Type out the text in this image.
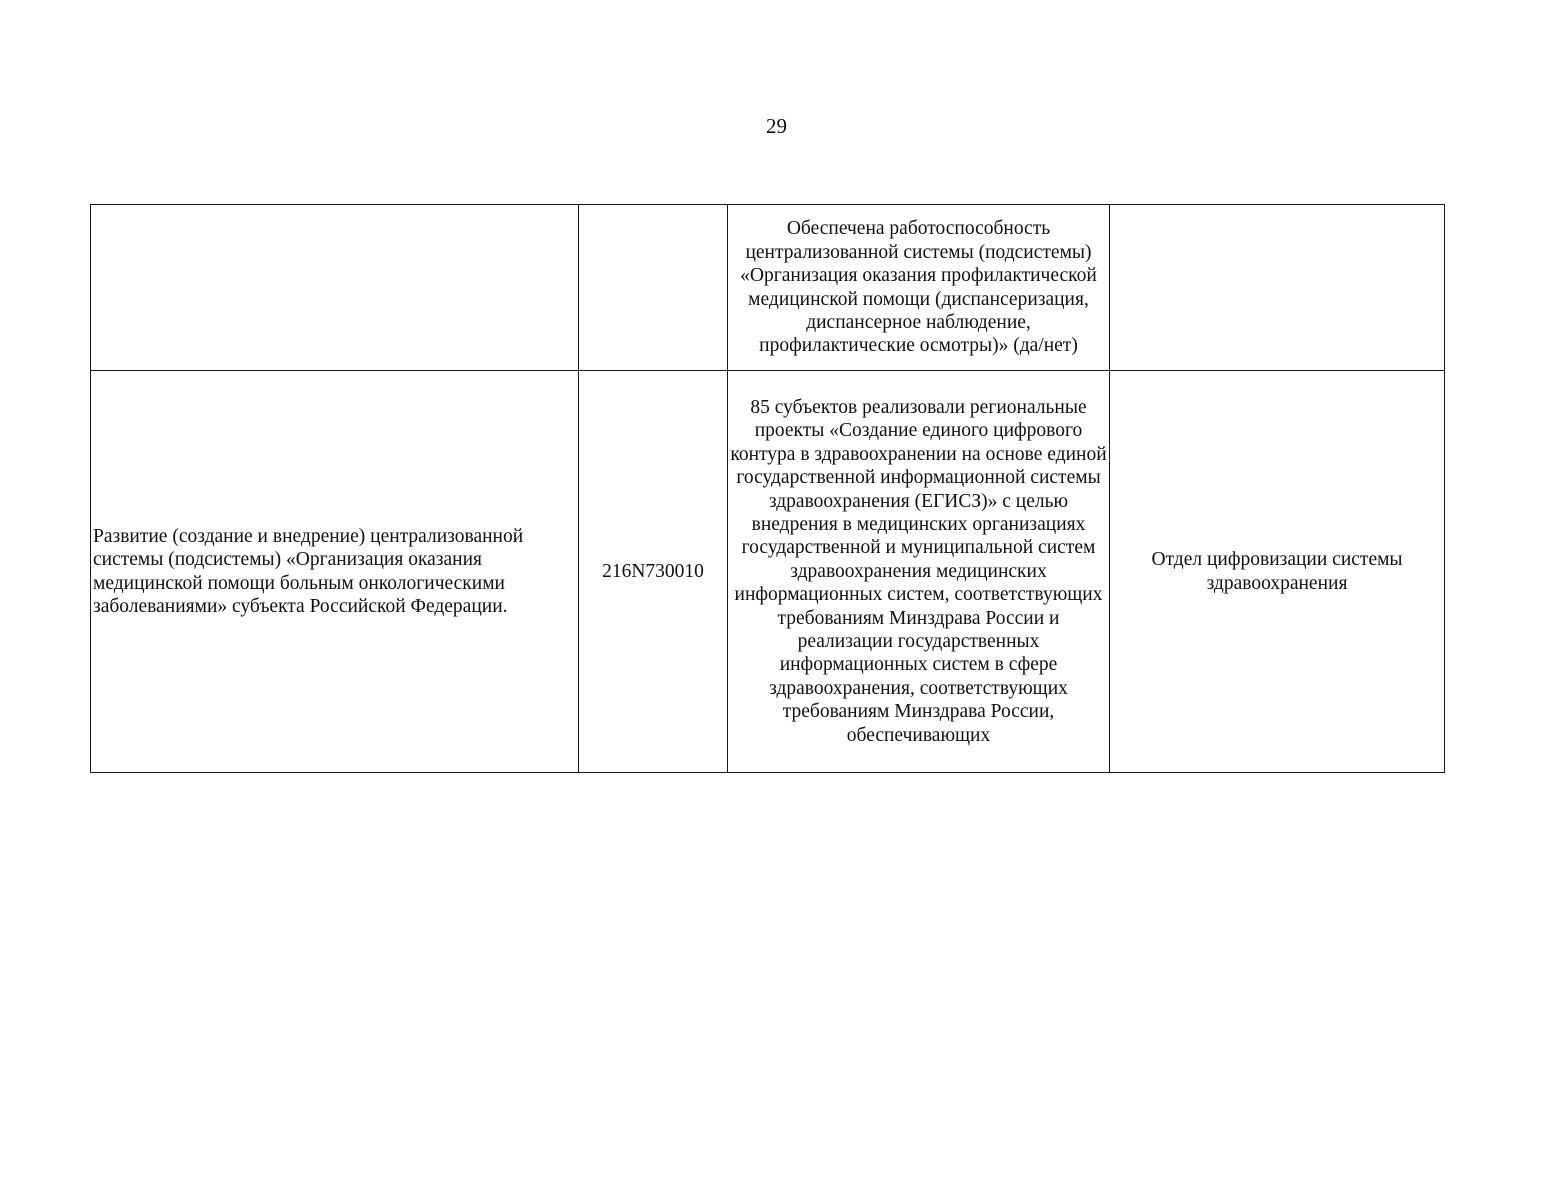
29
		Обеспечена работоспособность централизованной системы (подсистемы) «Организация оказания профилактической медицинской помощи (диспансеризация, диспансерное наблюдение, профилактические осмотры)» (да/нет)	
Развитие (создание и внедрение) централизованной системы (подсистемы) «Организация оказания медицинской помощи больным онкологическими заболеваниями» субъекта Российской Федерации.	216N730010	85 субъектов реализовали региональные проекты «Создание единого цифрового контура в здравоохранении на основе единой государственной информационной системы здравоохранения (ЕГИСЗ)» с целью внедрения в медицинских организациях государственной и муниципальной систем здравоохранения медицинских информационных систем, соответствующих требованиям Минздрава России и реализации государственных информационных систем в сфере здравоохранения, соответствующих требованиям Минздрава России, обеспечивающих	Отдел цифровизации системы здравоохранения
